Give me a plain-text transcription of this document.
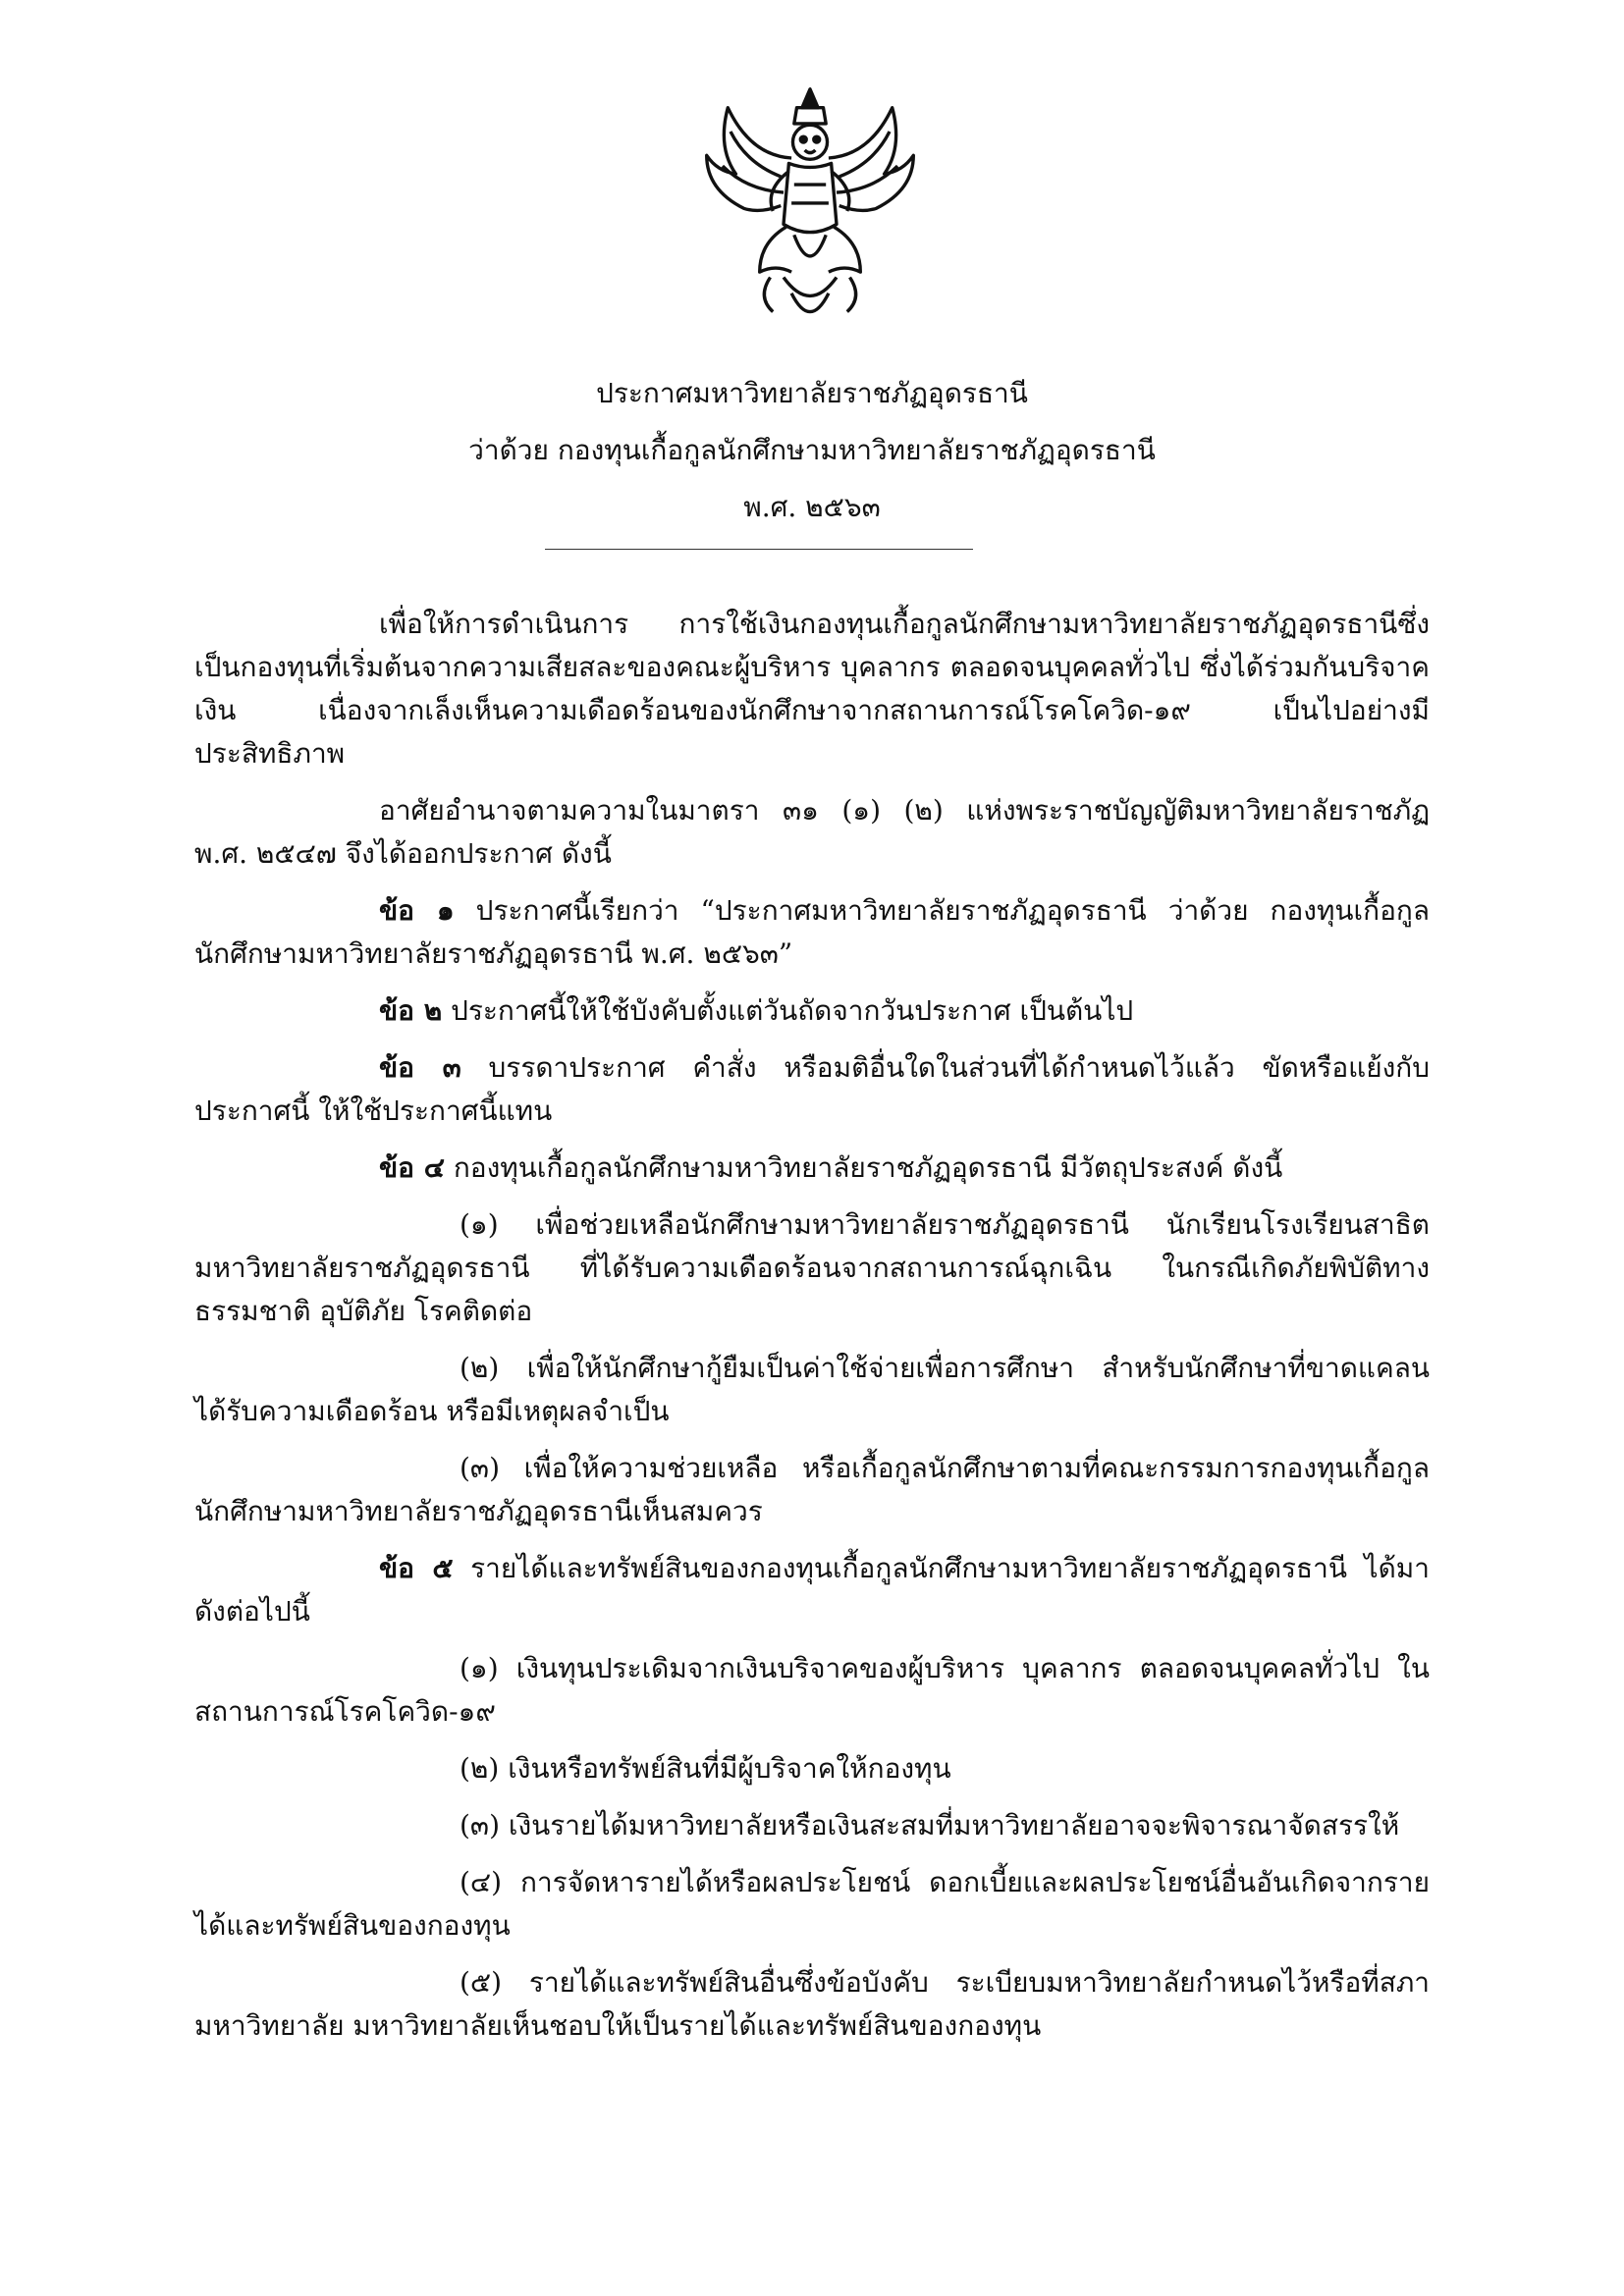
ประกาศมหาวิทยาลัยราชภัฏอุดรธานี
ว่าด้วย กองทุนเกื้อกูลนักศึกษามหาวิทยาลัยราชภัฏอุดรธานี
พ.ศ. ๒๕๖๓

เพื่อให้การดำเนินการ การใช้เงินกองทุนเกื้อกูลนักศึกษามหาวิทยาลัยราชภัฏอุดรธานีซึ่งเป็นกองทุนที่เริ่มต้นจากความเสียสละของคณะผู้บริหาร บุคลากร ตลอดจนบุคคลทั่วไป ซึ่งได้ร่วมกันบริจาคเงิน เนื่องจากเล็งเห็นความเดือดร้อนของนักศึกษาจากสถานการณ์โรคโควิด-๑๙ เป็นไปอย่างมีประสิทธิภาพ

อาศัยอำนาจตามความในมาตรา ๓๑ (๑) (๒) แห่งพระราชบัญญัติมหาวิทยาลัยราชภัฏ พ.ศ. ๒๕๔๗ จึงได้ออกประกาศ ดังนี้

ข้อ ๑ ประกาศนี้เรียกว่า “ประกาศมหาวิทยาลัยราชภัฏอุดรธานี ว่าด้วย กองทุนเกื้อกูลนักศึกษามหาวิทยาลัยราชภัฏอุดรธานี พ.ศ. ๒๕๖๓”

ข้อ ๒ ประกาศนี้ให้ใช้บังคับตั้งแต่วันถัดจากวันประกาศ เป็นต้นไป

ข้อ ๓ บรรดาประกาศ คำสั่ง หรือมติอื่นใดในส่วนที่ได้กำหนดไว้แล้ว ขัดหรือแย้งกับประกาศนี้ ให้ใช้ประกาศนี้แทน

ข้อ ๔ กองทุนเกื้อกูลนักศึกษามหาวิทยาลัยราชภัฏอุดรธานี มีวัตถุประสงค์ ดังนี้

(๑) เพื่อช่วยเหลือนักศึกษามหาวิทยาลัยราชภัฏอุดรธานี นักเรียนโรงเรียนสาธิตมหาวิทยาลัยราชภัฏอุดรธานี ที่ได้รับความเดือดร้อนจากสถานการณ์ฉุกเฉิน ในกรณีเกิดภัยพิบัติทางธรรมชาติ อุบัติภัย โรคติดต่อ

(๒) เพื่อให้นักศึกษากู้ยืมเป็นค่าใช้จ่ายเพื่อการศึกษา สำหรับนักศึกษาที่ขาดแคลน ได้รับความเดือดร้อน หรือมีเหตุผลจำเป็น

(๓) เพื่อให้ความช่วยเหลือ หรือเกื้อกูลนักศึกษาตามที่คณะกรรมการกองทุนเกื้อกูลนักศึกษามหาวิทยาลัยราชภัฏอุดรธานีเห็นสมควร

ข้อ ๕ รายได้และทรัพย์สินของกองทุนเกื้อกูลนักศึกษามหาวิทยาลัยราชภัฏอุดรธานี ได้มาดังต่อไปนี้

(๑) เงินทุนประเดิมจากเงินบริจาคของผู้บริหาร บุคลากร ตลอดจนบุคคลทั่วไป ในสถานการณ์โรคโควิด-๑๙

(๒) เงินหรือทรัพย์สินที่มีผู้บริจาคให้กองทุน

(๓) เงินรายได้มหาวิทยาลัยหรือเงินสะสมที่มหาวิทยาลัยอาจจะพิจารณาจัดสรรให้

(๔) การจัดหารายได้หรือผลประโยชน์ ดอกเบี้ยและผลประโยชน์อื่นอันเกิดจากรายได้และทรัพย์สินของกองทุน

(๕) รายได้และทรัพย์สินอื่นซึ่งข้อบังคับ ระเบียบมหาวิทยาลัยกำหนดไว้หรือที่สภามหาวิทยาลัย มหาวิทยาลัยเห็นชอบให้เป็นรายได้และทรัพย์สินของกองทุน
